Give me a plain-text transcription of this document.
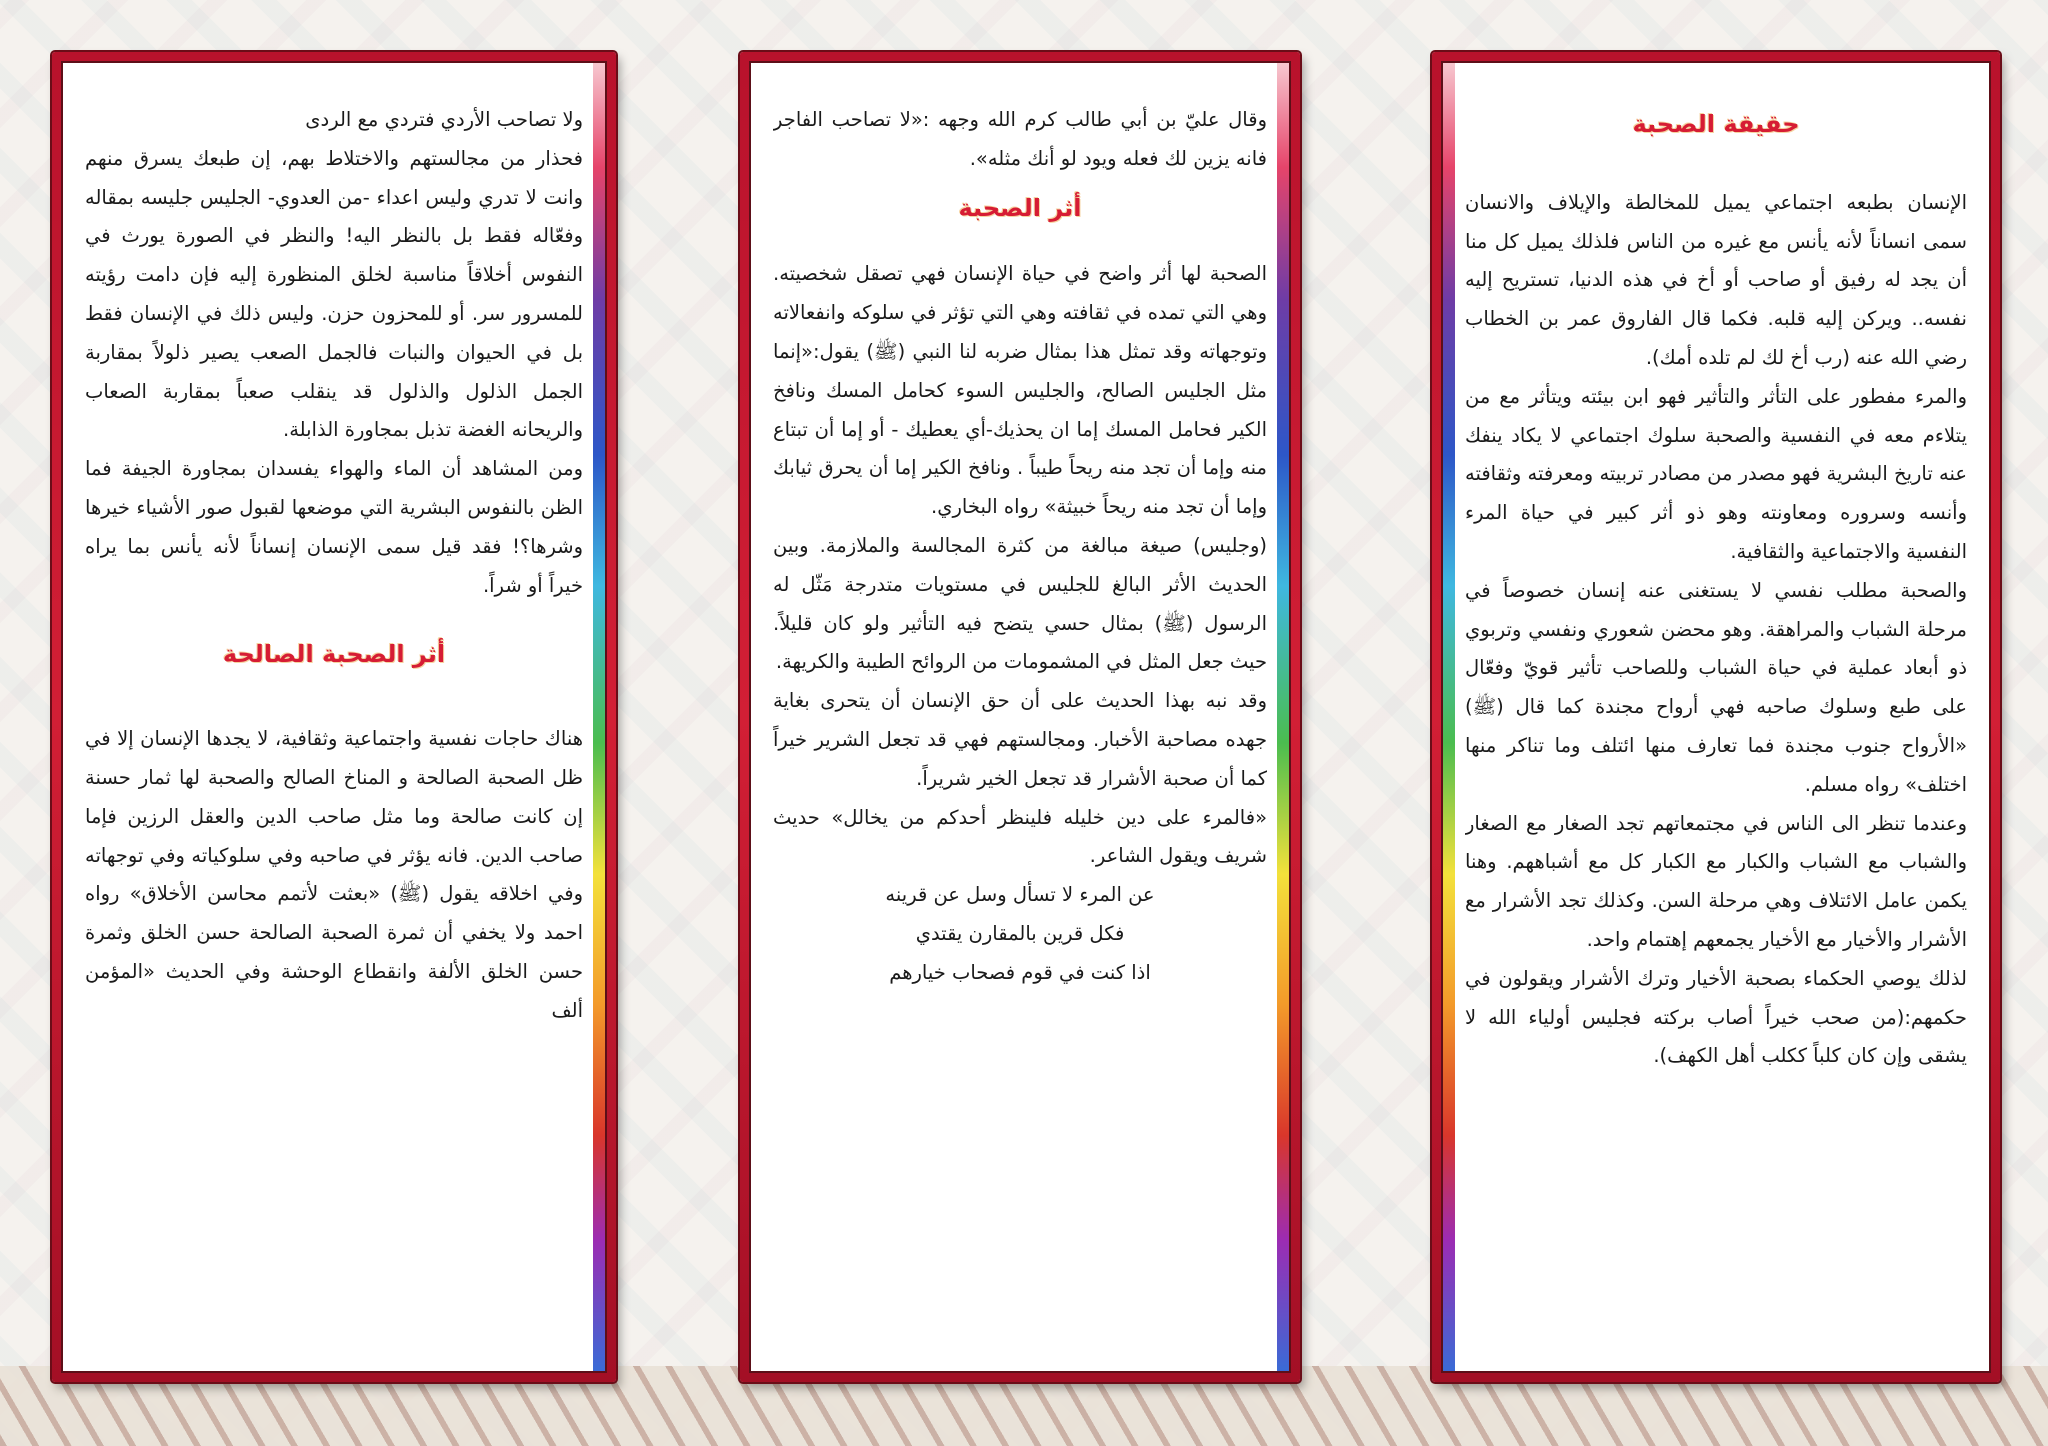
ولا تصاحب الأردي فتردي مع الردى

فحذار من مجالستهم والاختلاط بهم، إن طبعك يسرق منهم وانت لا تدري وليس اعداء -من العدوي- الجليس جليسه بمقاله وفعّاله فقط بل بالنظر اليه! والنظر في الصورة يورث في النفوس أخلاقاً مناسبة لخلق المنظورة إليه فإن دامت رؤيته للمسرور سر. أو للمحزون حزن. وليس ذلك في الإنسان فقط بل في الحيوان والنبات فالجمل الصعب يصير ذلولاً بمقاربة الجمل الذلول والذلول قد ينقلب صعباً بمقاربة الصعاب والريحانه الغضة تذبل بمجاورة الذابلة.

ومن المشاهد أن الماء والهواء يفسدان بمجاورة الجيفة فما الظن بالنفوس البشرية التي موضعها لقبول صور الأشياء خيرها وشرها؟! فقد قيل سمى الإنسان إنساناً لأنه يأنس بما يراه خيراً أو شراً.

أثر الصحبة الصالحة

هناك حاجات نفسية واجتماعية وثقافية، لا يجدها الإنسان إلا في ظل الصحبة الصالحة و المناخ الصالح والصحبة لها ثمار حسنة إن كانت صالحة وما مثل صاحب الدين والعقل الرزين فإما صاحب الدين. فانه يؤثر في صاحبه وفي سلوكياته وفي توجهاته وفي اخلاقه يقول (ﷺ) «بعثت لأتمم محاسن الأخلاق» رواه احمد ولا يخفي أن ثمرة الصحبة الصالحة حسن الخلق وثمرة حسن الخلق الألفة وانقطاع الوحشة وفي الحديث «المؤمن ألف

وقال عليّ بن أبي طالب كرم الله وجهه :«لا تصاحب الفاجر فانه يزين لك فعله ويود لو أنك مثله».

أثر الصحبة

الصحبة لها أثر واضح في حياة الإنسان فهي تصقل شخصيته. وهي التي تمده في ثقافته وهي التي تؤثر في سلوكه وانفعالاته وتوجهاته وقد تمثل هذا بمثال ضربه لنا النبي (ﷺ) يقول:«إنما مثل الجليس الصالح، والجليس السوء كحامل المسك ونافخ الكير فحامل المسك إما ان يحذيك-أي يعطيك - أو إما أن تبتاع منه وإما أن تجد منه ريحاً طيباً . ونافخ الكير إما أن يحرق ثيابك وإما أن تجد منه ريحاً خبيثة» رواه البخاري.

(وجليس) صيغة مبالغة من كثرة المجالسة والملازمة. وبين الحديث الأثر البالغ للجليس في مستويات متدرجة مَثّل له الرسول (ﷺ) بمثال حسي يتضح فيه التأثير ولو كان قليلاً. حيث جعل المثل في المشمومات من الروائح الطيبة والكريهة.

وقد نبه بهذا الحديث على أن حق الإنسان أن يتحرى بغاية جهده مصاحبة الأخبار. ومجالستهم فهي قد تجعل الشرير خيراً كما أن صحبة الأشرار قد تجعل الخير شريراً.

«فالمرء على دين خليله فلينظر أحدكم من يخالل» حديث شريف ويقول الشاعر.

عن المرء لا تسأل وسل عن قرينه
فكل قرين بالمقارن يقتدي
اذا كنت في قوم فصحاب خيارهم

حقيقة الصحبة

الإنسان بطبعه اجتماعي يميل للمخالطة والإيلاف والانسان سمى انساناً لأنه يأنس مع غيره من الناس فلذلك يميل كل منا أن يجد له رفيق أو صاحب أو أخ في هذه الدنيا، تستريح إليه نفسه.. ويركن إليه قلبه. فكما قال الفاروق عمر بن الخطاب رضي الله عنه (رب أخ لك لم تلده أمك).

والمرء مفطور على التأثر والتأثير فهو ابن بيئته ويتأثر مع من يتلاءم معه في النفسية والصحبة سلوك اجتماعي لا يكاد ينفك عنه تاريخ البشرية فهو مصدر من مصادر تربيته ومعرفته وثقافته وأنسه وسروره ومعاونته وهو ذو أثر كبير في حياة المرء النفسية والاجتماعية والثقافية.

والصحبة مطلب نفسي لا يستغنى عنه إنسان خصوصاً في مرحلة الشباب والمراهقة. وهو محضن شعوري ونفسي وتربوي ذو أبعاد عملية في حياة الشباب وللصاحب تأثير قويّ وفعّال على طبع وسلوك صاحبه فهي أرواح مجندة كما قال (ﷺ) «الأرواح جنوب مجندة فما تعارف منها ائتلف وما تناكر منها اختلف» رواه مسلم.

وعندما تنظر الى الناس في مجتمعاتهم تجد الصغار مع الصغار والشباب مع الشباب والكبار مع الكبار كل مع أشباههم. وهنا يكمن عامل الائتلاف وهي مرحلة السن. وكذلك تجد الأشرار مع الأشرار والأخيار مع الأخيار يجمعهم إهتمام واحد.

لذلك يوصي الحكماء بصحبة الأخيار وترك الأشرار ويقولون في حكمهم:(من صحب خيراً أصاب بركته فجليس أولياء الله لا يشقى وإن كان كلباً ككلب أهل الكهف).
